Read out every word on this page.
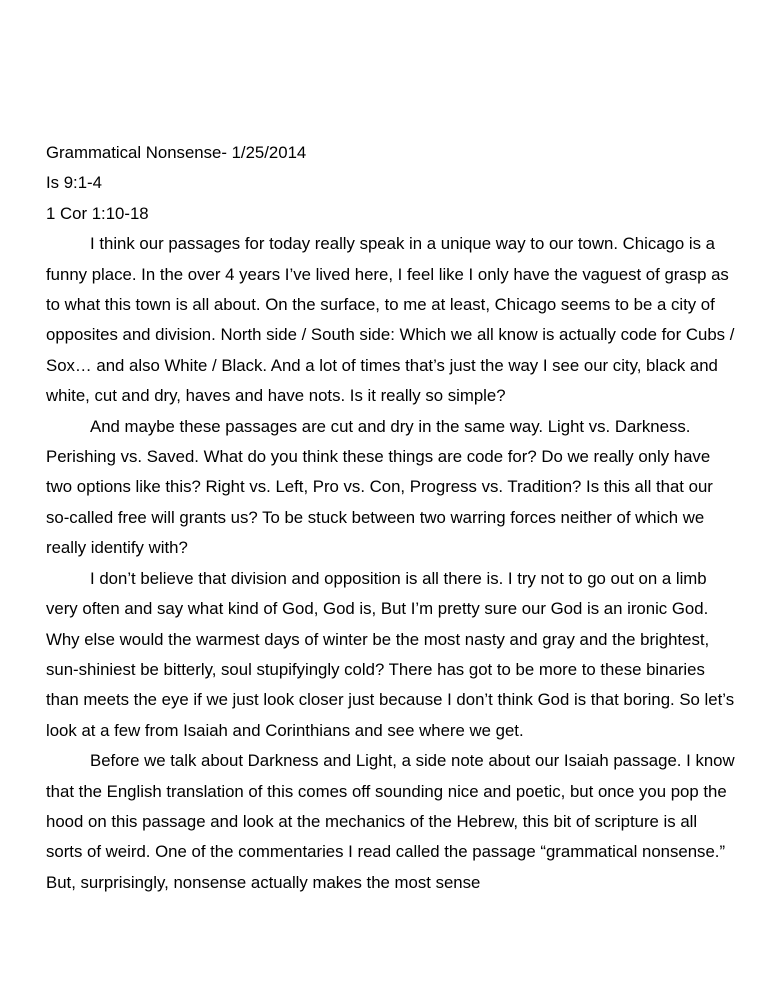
Grammatical Nonsense- 1/25/2014

Is 9:1-4

1 Cor 1:10-18

I think our passages for today really speak in a unique way to our town. Chicago is a funny place. In the over 4 years I’ve lived here, I feel like I only have the vaguest of grasp as to what this town is all about. On the surface, to me at least, Chicago seems to be a city of opposites and division. North side / South side: Which we all know is actually code for Cubs / Sox… and also White / Black. And a lot of times that’s just the way I see our city, black and white, cut and dry, haves and have nots. Is it really so simple?

And maybe these passages are cut and dry in the same way. Light vs. Darkness. Perishing vs. Saved. What do you think these things are code for? Do we really only have two options like this? Right vs. Left, Pro vs. Con, Progress vs. Tradition? Is this all that our so-called free will grants us? To be stuck between two warring forces neither of which we really identify with?

I don’t believe that division and opposition is all there is. I try not to go out on a limb very often and say what kind of God, God is, But I’m pretty sure our God is an ironic God. Why else would the warmest days of winter be the most nasty and gray and the brightest, sun-shiniest be bitterly, soul stupifyingly cold? There has got to be more to these binaries than meets the eye if we just look closer just because I don’t think God is that boring. So let’s look at a few from Isaiah and Corinthians and see where we get.

Before we talk about Darkness and Light, a side note about our Isaiah passage. I know that the English translation of this comes off sounding nice and poetic, but once you pop the hood on this passage and look at the mechanics of the Hebrew, this bit of scripture is all sorts of weird. One of the commentaries I read called the passage “grammatical nonsense.” But, surprisingly, nonsense actually makes the most sense
